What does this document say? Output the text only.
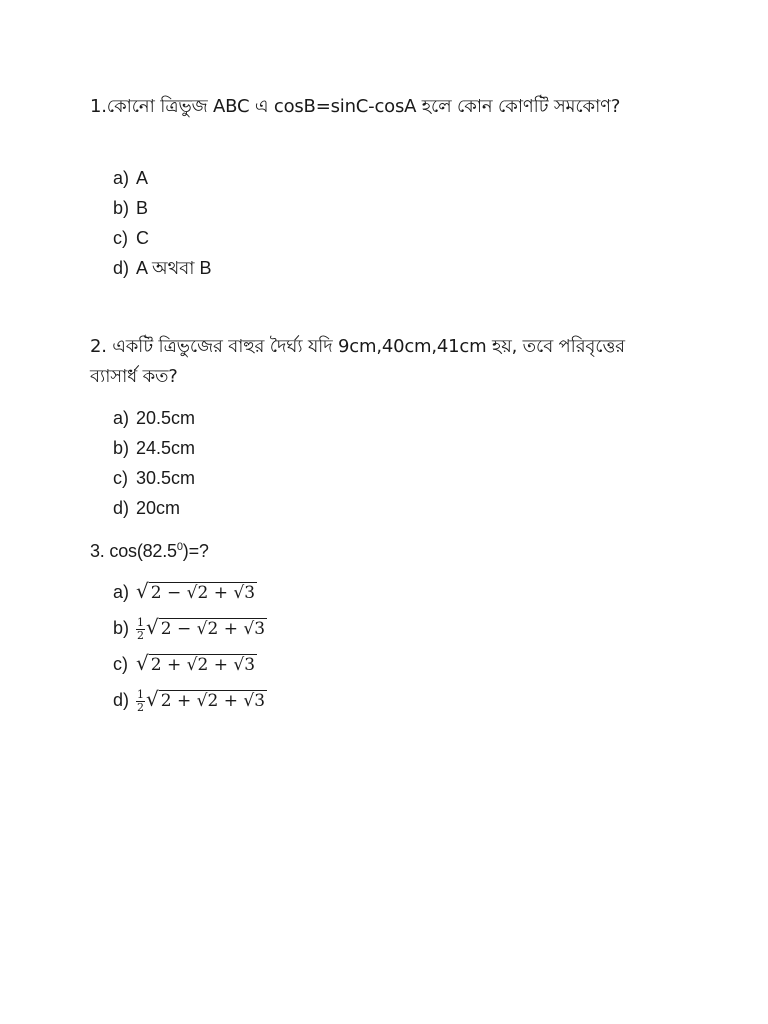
1.কোনো ত্রিভুজ ABC এ cosB=sinC-cosA হলে কোন কোণটি সমকোণ?
a) A
b) B
c) C
d) A অথবা B
2. একটি ত্রিভুজের বাহুর দৈর্ঘ্য যদি 9cm,40cm,41cm হয়, তবে পরিবৃত্তের ব্যাসার্ধ কত?
a) 20.5cm
b) 24.5cm
c) 30.5cm
d) 20cm
3. $\cos(82.5^0)=$?
a) √ 2 − √2 + √3
$b) \frac{1}{2}$ √ 2 − √2 + √3
c) √ 2 + √2 + √3
$d) \frac{1}{2}$ √ 2 + √2 + √3
